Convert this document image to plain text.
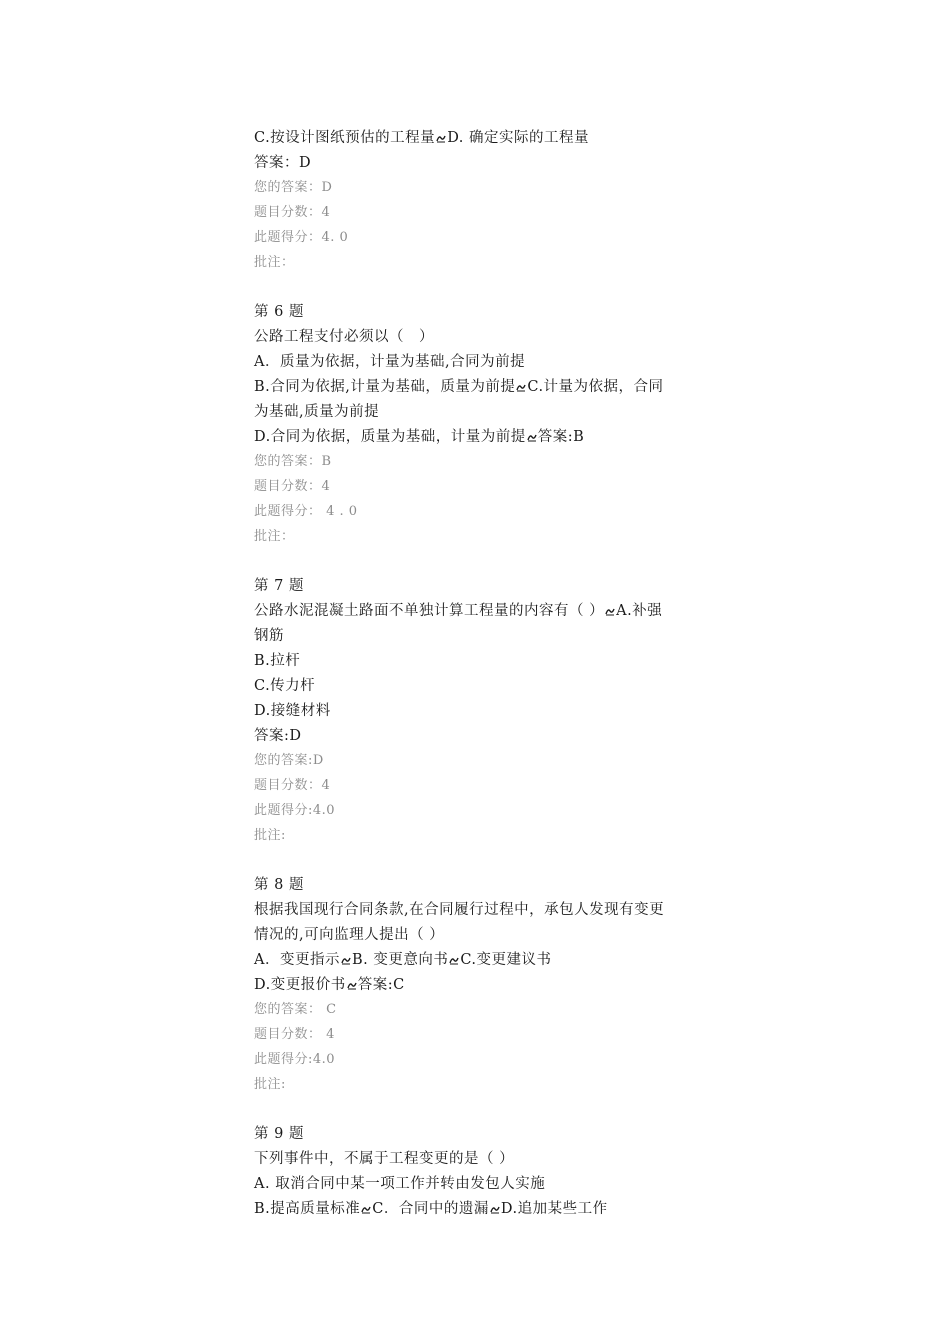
C.按设计图纸预估的工程量 D. 确定实际的工程量
答案：D
您的答案：D
题目分数：4
此题得分：4. 0
批注：
第 6 题
公路工程支付必须以（　）
A．质量为依据，计量为基础,合同为前提
B.合同为依据,计量为基础，质量为前提 C.计量为依据，合同
为基础,质量为前提
D.合同为依据，质量为基础，计量为前提 答案:B
您的答案：B
题目分数：4
此题得分： 4 . 0
批注：
第 7 题
公路水泥混凝土路面不单独计算工程量的内容有（ ） A.补强
钢筋
B.拉杆
C.传力杆
D.接缝材料
答案:D
您的答案:D
题目分数：4
此题得分:4.0
批注:
第 8 题
根据我国现行合同条款,在合同履行过程中，承包人发现有变更
情况的,可向监理人提出（ ）
A．变更指示 B. 变更意向书 C.变更建议书
D.变更报价书 答案:C
您的答案： C
题目分数： 4
此题得分:4.0
批注:
第 9 题
下列事件中，不属于工程变更的是（ ）
A. 取消合同中某一项工作并转由发包人实施
B.提高质量标准 C．合同中的遗漏 D.追加某些工作
